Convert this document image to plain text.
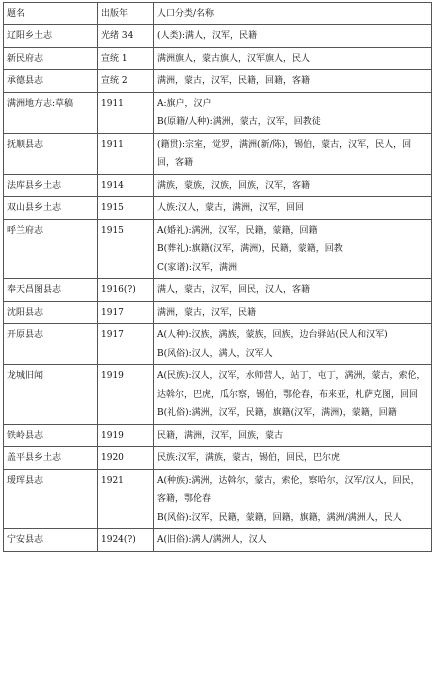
题名	出版年	人口分类/名称
辽阳乡土志	光绪 34	(人类):满人，汉军，民籍

新民府志	宣统 1	满洲旗人，蒙古旗人，汉军旗人，民人

承德县志	宣统 2	满洲，蒙古，汉军，民籍，回籍，客籍

满洲地方志:草稿	1911	A:旗户，汉户
B(原籍/人种):满洲，蒙古，汉军，回教徒

抚顺县志	1911	(籍贯):宗室，觉罗，满洲(新/陈)，锡伯，蒙古，汉军，民人，回回，客籍

法库县乡土志	1914	满族，蒙族，汉族，回族，汉军，客籍

双山县乡土志	1915	人族:汉人，蒙古，满洲，汉军，回回

呼兰府志	1915	A(婚礼):满洲，汉军，民籍，蒙籍，回籍
B(葬礼):旗籍(汉军，满洲)，民籍，蒙籍，回教
C(家谱):汉军，满洲

奉天昌图县志	1916(?)	满人，蒙古，汉军，回民，汉人，客籍

沈阳县志	1917	满洲，蒙古，汉军，民籍

开原县志	1917	A(人种):汉族，满族，蒙族，回族，边台驿站(民人和汉军)
B(风俗):汉人，满人，汉军人

龙城旧闻	1919	A(民族):汉人，汉军，水师营人，站丁，屯丁，满洲，蒙古，索伦，达斡尔，巴虎，瓜尔察，锡伯，鄂伦春，布来亚，札萨克图，回回
B(礼俗):满洲，汉军，民籍，旗籍(汉军，满洲)，蒙籍，回籍

铁岭县志	1919	民籍，满洲，汉军，回族，蒙古

盖平县乡土志	1920	民族:汉军，满族，蒙古，锡伯，回民，巴尔虎

瑷珲县志	1921	A(种族):满洲，达斡尔，蒙古，索伦，察哈尔，汉军/汉人，回民，客籍，鄂伦春
B(风俗):汉军，民籍，蒙籍，回籍，旗籍，满洲/满洲人，民人

宁安县志	1924(?)	A(旧俗):满人/满洲人，汉人
